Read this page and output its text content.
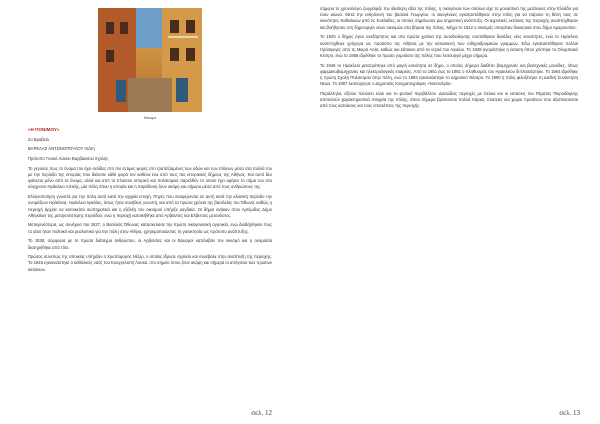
Κάνωμα

«Η ΠΟΝΙΜΟΥ»

2ο Βραβείο

ΒΑΡΕΛΑΣ ΑΝΤΩΝΟΠΟΥΛΟΥ Ιπάτη

Πρότυπο Γενικό Λύκειο Βαρβακείου Σχολής

Το γεγονός πως το όνομα του έχει σελίδες στο πιο έντιμες φορές στο τραπέζιαμένες των οδών και των πόλεων μέσα στα πολλά του με την περίοδο της ιστορίας που διέκοπε κάθε φορά τον καθένα ένα από τους πιο ιστορικούς δήμους της Αθήνας. Και αυτό δεν φαίνεται μόνο από το όνομα, αλλά και από το πλούσιο ιστορικό και πολιτισμικό παρελθόν το οποίο έχει αφήσει το σήμα του στο σύγχρονο Ηράκλειο Αττικής, μία πόλη όπου η ιστορία και η παράδοση ζουν ακόμη και σήμερα μέσα από τους ανθρώπους της.

Ελληνοποίηση γνωστά για την πόλη αυτή κατά την αρχαία εποχή. Πηγές που αναφέρονται σε αυτή κατά την κλασική περίοδο την ονομάζουν Ηράκλεια, Ηράκλειο Ιφικλίας, όπως ήταν συνήθως γνωστή, και από τα πρώτα χρόνια της βασιλείας του Όθωνα, καθώς η περιοχή άρχισε να κατοικείται συστηματικά και η εξέλιξη του οικισμού υπήρξε ραγδαία. Οι δήμοι ανήκαν στον Αρτέμιδος Δήμο Αθηναίων της μεταγενέστερης περιόδου, ενώ η περιοχή κατοικήθηκε από Αρβανίτες και Ελβετούς μετανάστες.

Μεταγενέστερα, ως συνέχεια του 1837, ο Βασιλιάς Όθωνας κατασκεύασε την πρώτη οικογενειακή αγροικία, ενώ διαδέχθηκαν πως το αίτιο ήταν πολιτικό και ρεαλιστικό για την πόλη στην Αθήνα, χρησιμοποιώντας τη γαιοκτησία ως πρότυπο ανάπτυξης.

Το 1838, σύμφωνα με το πρώτο διάταγμα ανθρώπου, οι Αρβανίτες και οι Βαυαροί κατέλαβαν τον οικισμό και η ονομασία διατηρήθηκε από τότε.

Πρώτος συνεπώς της αποικίας υπήρξαν ο Χριστόφορος Νέζερ, ο οποίος ίδρυσε σχολείο και συνέβαλε στην ανάπτυξη της περιοχής. Το 1845 εγκαινιάστηκε ο καθολικός ναός του Ευαγγελιστή Λουκά, στο σημείο όπου ζουν ακόμη και σήμερα οι απόγονοι των πρώτων κατοίκων.

σελ. 12

σήμερα το χρονολόγιο ζωγράφιζε την ιδιαίτερη αξία της πόλης, η οικογένεια των οποίων είχε το μοναστικό της μετάνοιας στην Ελλάδα για έναν αιώνα. Μετά την ενθρόνιση του βασιλιά Γεωργίου, οι οικογένειες εγκαταστάθηκαν στην πόλη για να πάρουν τη θέση τους σε κοινότητες Καθολικών από τις Κυκλάδες, οι οποίες σημείωσαν μια σημαντική ανάπτυξη. Οι αγροτικές εκτάσεις της περιοχής αναπτύχθηκαν και βοήθησαν στη δημιουργία νέων οικισμών στα βόρεια της πόλης. Μέχρι το 1912 ο οικισμός υπαγόταν διοικητικά στον δήμο Αμαρουσίου.

Το 1925 ο δήμος έγινε ανεξάρτητος και στα πρώτα χρόνια της αυτοδιοίκησης συστάθηκαν δεκάδες νέες κοινότητες, ενώ το Ηράκλειο αναπτύχθηκε γρήγορα ως προάστιο της Αθήνας με την κατασκευή των σιδηροδρομικών γραμμών. Εδώ εγκαταστάθηκαν πολλοί πρόσφυγες από τη Μικρά Ασία, καθώς και κάτοικοι από τα νησιά του Αιγαίου. Το 1938 αγοράστηκε η έκταση όπου χτίστηκε το Ολυμπιακό Κέντρο, ενώ το 1958 ιδρύθηκε το πρώτο γυμνάσιο της πόλης που λειτουργεί μέχρι σήμερα.

Το 1948 το Ηράκλειο μετατράπηκε από μικρή κοινότητα σε δήμο, ο οποίος σήμερα διαθέτει βιομηχανίες και βιοτεχνικές μονάδες, όπως φαρμακοβιομηχανίες και ηλεκτρολογικές εταιρείες. Από το 1951 έως το 1981 ο πληθυσμός του Ηρακλείου διπλασιάστηκε. Το 1964 ιδρύθηκε η πρώτη Σχολή Πολιτισμού στην πόλη, ενώ το 1983 εγκαινιάστηκε το Δημοτικό Θέατρο. Το 1990 η πόλη φιλοξένησε τη Διεθνή Συνάντηση Νέων. Το 1997 λειτούργησε ο Δημοτικός Κινηματογράφος «Νοσταλγία».

Παράλληλα, εξίσου πλούσιο είναι και το φυσικό περιβάλλον. Δασώδεις περιοχές με πεύκα και οι εκτάσεις του Ρέματος Πικροδάφνης αποτελούν χαρακτηριστικά στοιχεία της πόλης, όπου σήμερα βρίσκονται πολλά πάρκα, πλατείες και χώροι πρασίνου που αξιοποιούνται από τους κατοίκους και τους επισκέπτες της περιοχής.

σελ. 13
